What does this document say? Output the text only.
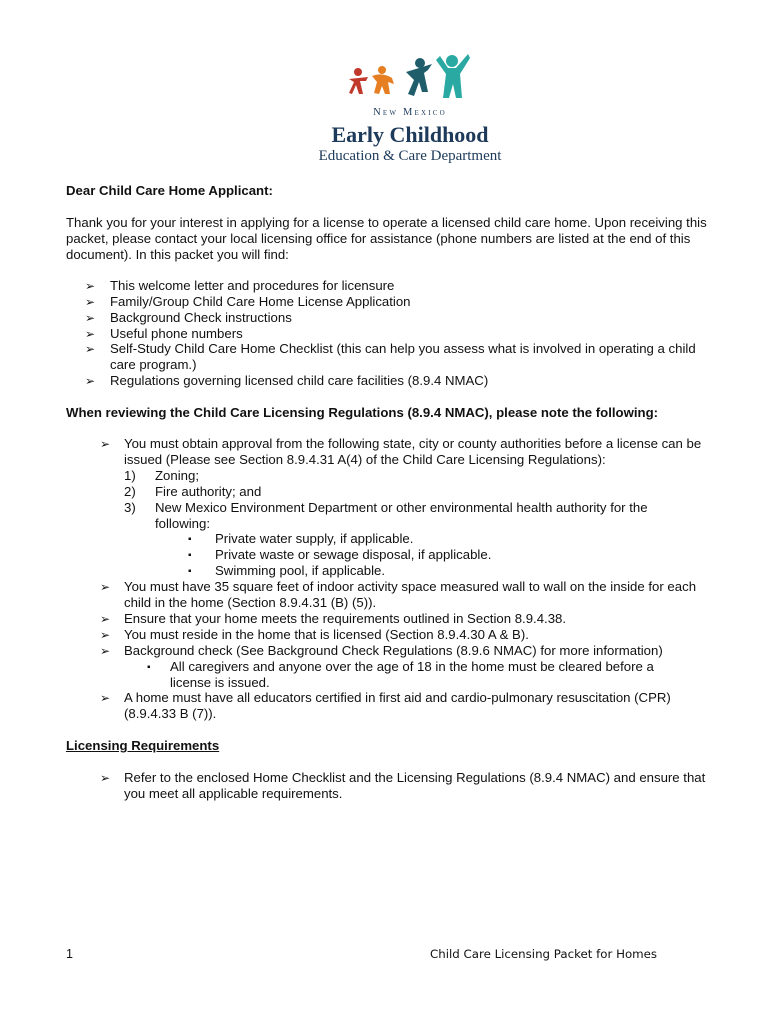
New Mexico
Early Childhood
Education & Care Department
Dear Child Care Home Applicant:
Thank you for your interest in applying for a license to operate a licensed child care home. Upon receiving this packet, please contact your local licensing office for assistance (phone numbers are listed at the end of this document). In this packet you will find:
➢ This welcome letter and procedures for licensure
➢ Family/Group Child Care Home License Application
➢ Background Check instructions
➢ Useful phone numbers
➢ Self-Study Child Care Home Checklist (this can help you assess what is involved in operating a child care program.)
➢ Regulations governing licensed child care facilities (8.9.4 NMAC)
When reviewing the Child Care Licensing Regulations (8.9.4 NMAC), please note the following:
➢ You must obtain approval from the following state, city or county authorities before a license can be issued (Please see Section 8.9.4.31 A(4) of the Child Care Licensing Regulations):
1) Zoning;
2) Fire authority; and
3) New Mexico Environment Department or other environmental health authority for the following:
▪ Private water supply, if applicable.
▪ Private waste or sewage disposal, if applicable.
▪ Swimming pool, if applicable.
➢ You must have 35 square feet of indoor activity space measured wall to wall on the inside for each child in the home (Section 8.9.4.31 (B) (5)).
➢ Ensure that your home meets the requirements outlined in Section 8.9.4.38.
➢ You must reside in the home that is licensed (Section 8.9.4.30 A & B).
➢ Background check (See Background Check Regulations (8.9.6 NMAC) for more information)
▪ All caregivers and anyone over the age of 18 in the home must be cleared before a license is issued.
➢ A home must have all educators certified in first aid and cardio-pulmonary resuscitation (CPR) (8.9.4.33 B (7)).
Licensing Requirements
➢ Refer to the enclosed Home Checklist and the Licensing Regulations (8.9.4 NMAC) and ensure that you meet all applicable requirements.
1	Child Care Licensing Packet for Homes
